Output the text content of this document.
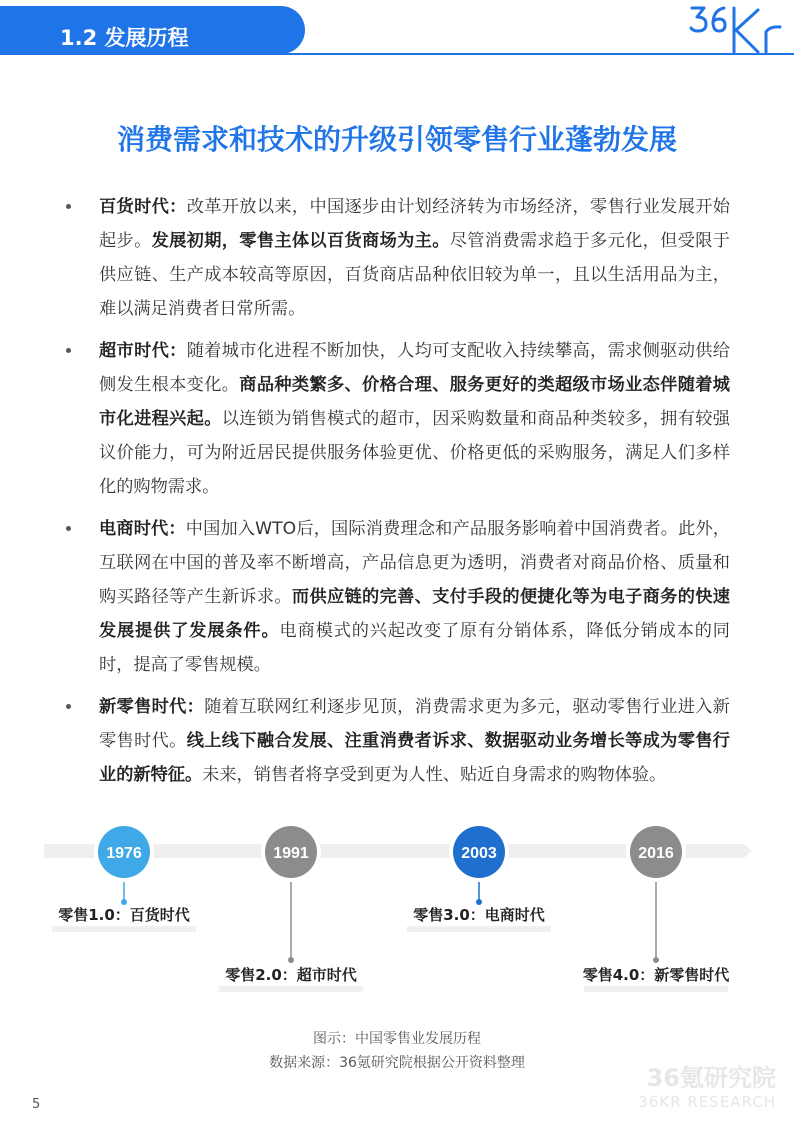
1.2 发展历程
消费需求和技术的升级引领零售行业蓬勃发展

百货时代：改革开放以来，中国逐步由计划经济转为市场经济，零售行业发展开始起步。发展初期，零售主体以百货商场为主。尽管消费需求趋于多元化，但受限于供应链、生产成本较高等原因，百货商店品种依旧较为单一，且以生活用品为主，难以满足消费者日常所需。

超市时代：随着城市化进程不断加快，人均可支配收入持续攀高，需求侧驱动供给侧发生根本变化。商品种类繁多、价格合理、服务更好的类超级市场业态伴随着城市化进程兴起。以连锁为销售模式的超市，因采购数量和商品种类较多，拥有较强议价能力，可为附近居民提供服务体验更优、价格更低的采购服务，满足人们多样化的购物需求。

电商时代：中国加入WTO后，国际消费理念和产品服务影响着中国消费者。此外，互联网在中国的普及率不断增高，产品信息更为透明，消费者对商品价格、质量和购买路径等产生新诉求。而供应链的完善、支付手段的便捷化等为电子商务的快速发展提供了发展条件。电商模式的兴起改变了原有分销体系，降低分销成本的同时，提高了零售规模。

新零售时代：随着互联网红利逐步见顶，消费需求更为多元，驱动零售行业进入新零售时代。线上线下融合发展、注重消费者诉求、数据驱动业务增长等成为零售行业的新特征。未来，销售者将享受到更为人性、贴近自身需求的购物体验。

1976
零售1.0：百货时代
1991
零售2.0：超市时代
2003
零售3.0：电商时代
2016
零售4.0：新零售时代
图示：中国零售业发展历程
数据来源：36氪研究院根据公开资料整理
36氪研究院
36KR RESEARCH
5
